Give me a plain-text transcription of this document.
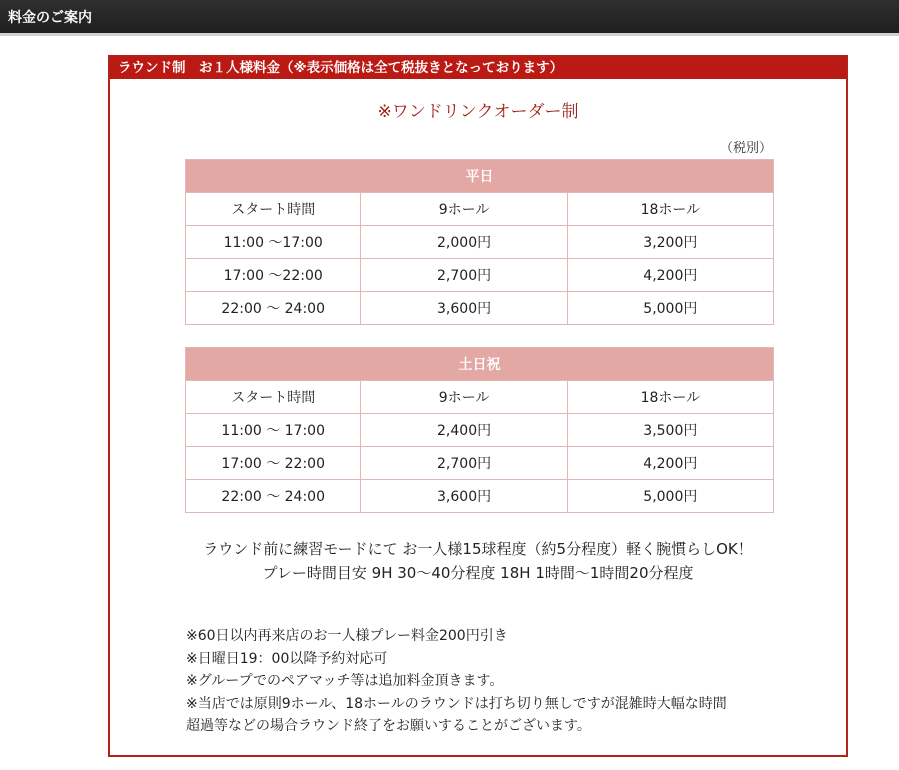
料金のご案内
ラウンド制　お１人様料金（※表示価格は全て税抜きとなっております）
※ワンドリンクオーダー制
（税別）
平日		
スタート時間	9ホール	18ホール
11:00 ～17:00	2,000円	3,200円
17:00 ～22:00	2,700円	4,200円
22:00 ～ 24:00	3,600円	5,000円
土日祝		
スタート時間	9ホール	18ホール
11:00 ～ 17:00	2,400円	3,500円
17:00 ～ 22:00	2,700円	4,200円
22:00 ～ 24:00	3,600円	5,000円
ラウンド前に練習モードにて お一人様15球程度（約5分程度）軽く腕慣らしOK！
プレー時間目安 9H 30～40分程度 18H 1時間～1時間20分程度
※60日以内再来店のお一人様プレー料金200円引き
※日曜日19：00以降予約対応可
※グループでのペアマッチ等は追加料金頂きます。
※当店では原則9ホール、18ホールのラウンドは打ち切り無しですが混雑時大幅な時間
超過等などの場合ラウンド終了をお願いすることがございます。
